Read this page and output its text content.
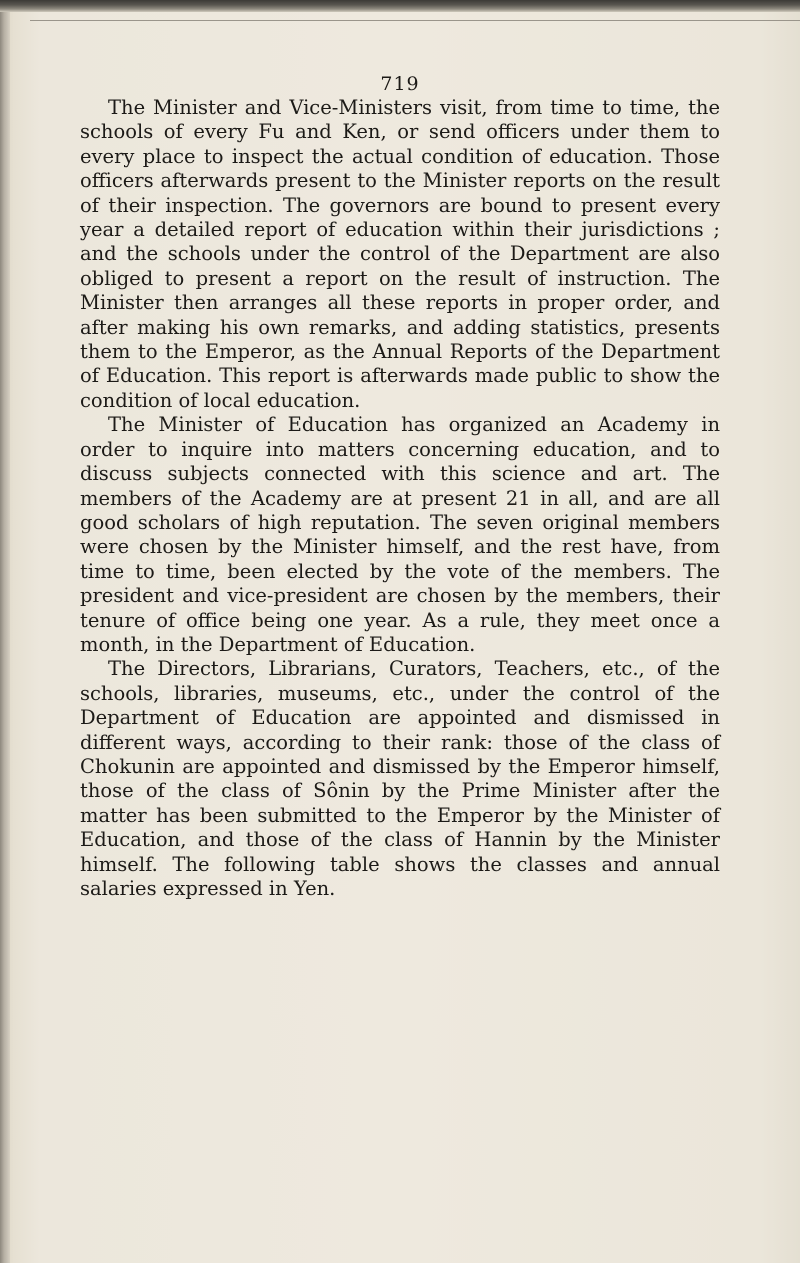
719

The Minister and Vice-Ministers visit, from time to time, the schools of every Fu and Ken, or send officers under them to every place to inspect the actual condition of education. Those officers afterwards present to the Minister reports on the result of their inspection. The governors are bound to present every year a detailed report of education within their jurisdictions ; and the schools under the control of the Department are also obliged to present a report on the result of instruction. The Minister then arranges all these reports in proper order, and after making his own remarks, and adding statistics, presents them to the Emperor, as the Annual Reports of the Department of Education. This report is afterwards made public to show the condition of local education.

The Minister of Education has organized an Academy in order to inquire into matters concerning education, and to discuss subjects connected with this science and art. The members of the Academy are at present 21 in all, and are all good scholars of high reputation. The seven original members were chosen by the Minister himself, and the rest have, from time to time, been elected by the vote of the members. The president and vice-president are chosen by the members, their tenure of office being one year. As a rule, they meet once a month, in the Department of Education.

The Directors, Librarians, Curators, Teachers, etc., of the schools, libraries, museums, etc., under the control of the Department of Education are appointed and dismissed in different ways, according to their rank: those of the class of Chokunin are appointed and dismissed by the Emperor himself, those of the class of Sônin by the Prime Minister after the matter has been submitted to the Emperor by the Minister of Education, and those of the class of Hannin by the Minister himself. The following table shows the classes and annual salaries expressed in Yen.
